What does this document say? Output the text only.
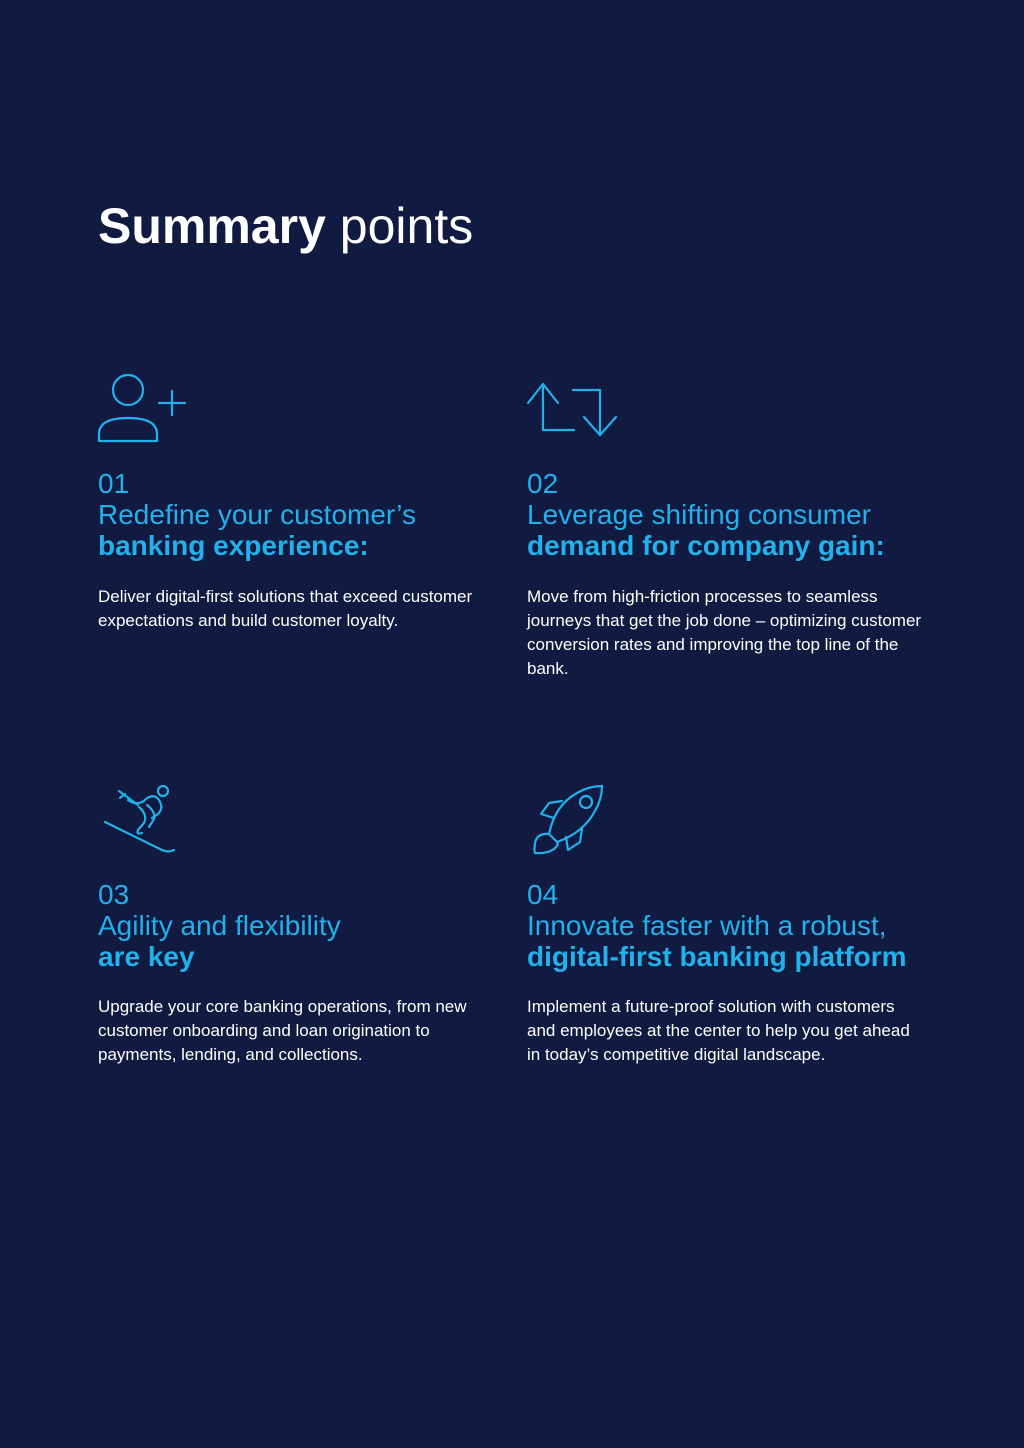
Summary points
01
Redefine your customer’s
banking experience:

Deliver digital-first solutions that exceed customer expectations and build customer loyalty.

02
Leverage shifting consumer
demand for company gain:

Move from high-friction processes to seamless journeys that get the job done – optimizing customer conversion rates and improving the top line of the bank.

03
Agility and flexibility
are key

Upgrade your core banking operations, from new customer onboarding and loan origination to payments, lending, and collections.

04
Innovate faster with a robust,
digital-first banking platform

Implement a future-proof solution with customers and employees at the center to help you get ahead in today’s competitive digital landscape.
